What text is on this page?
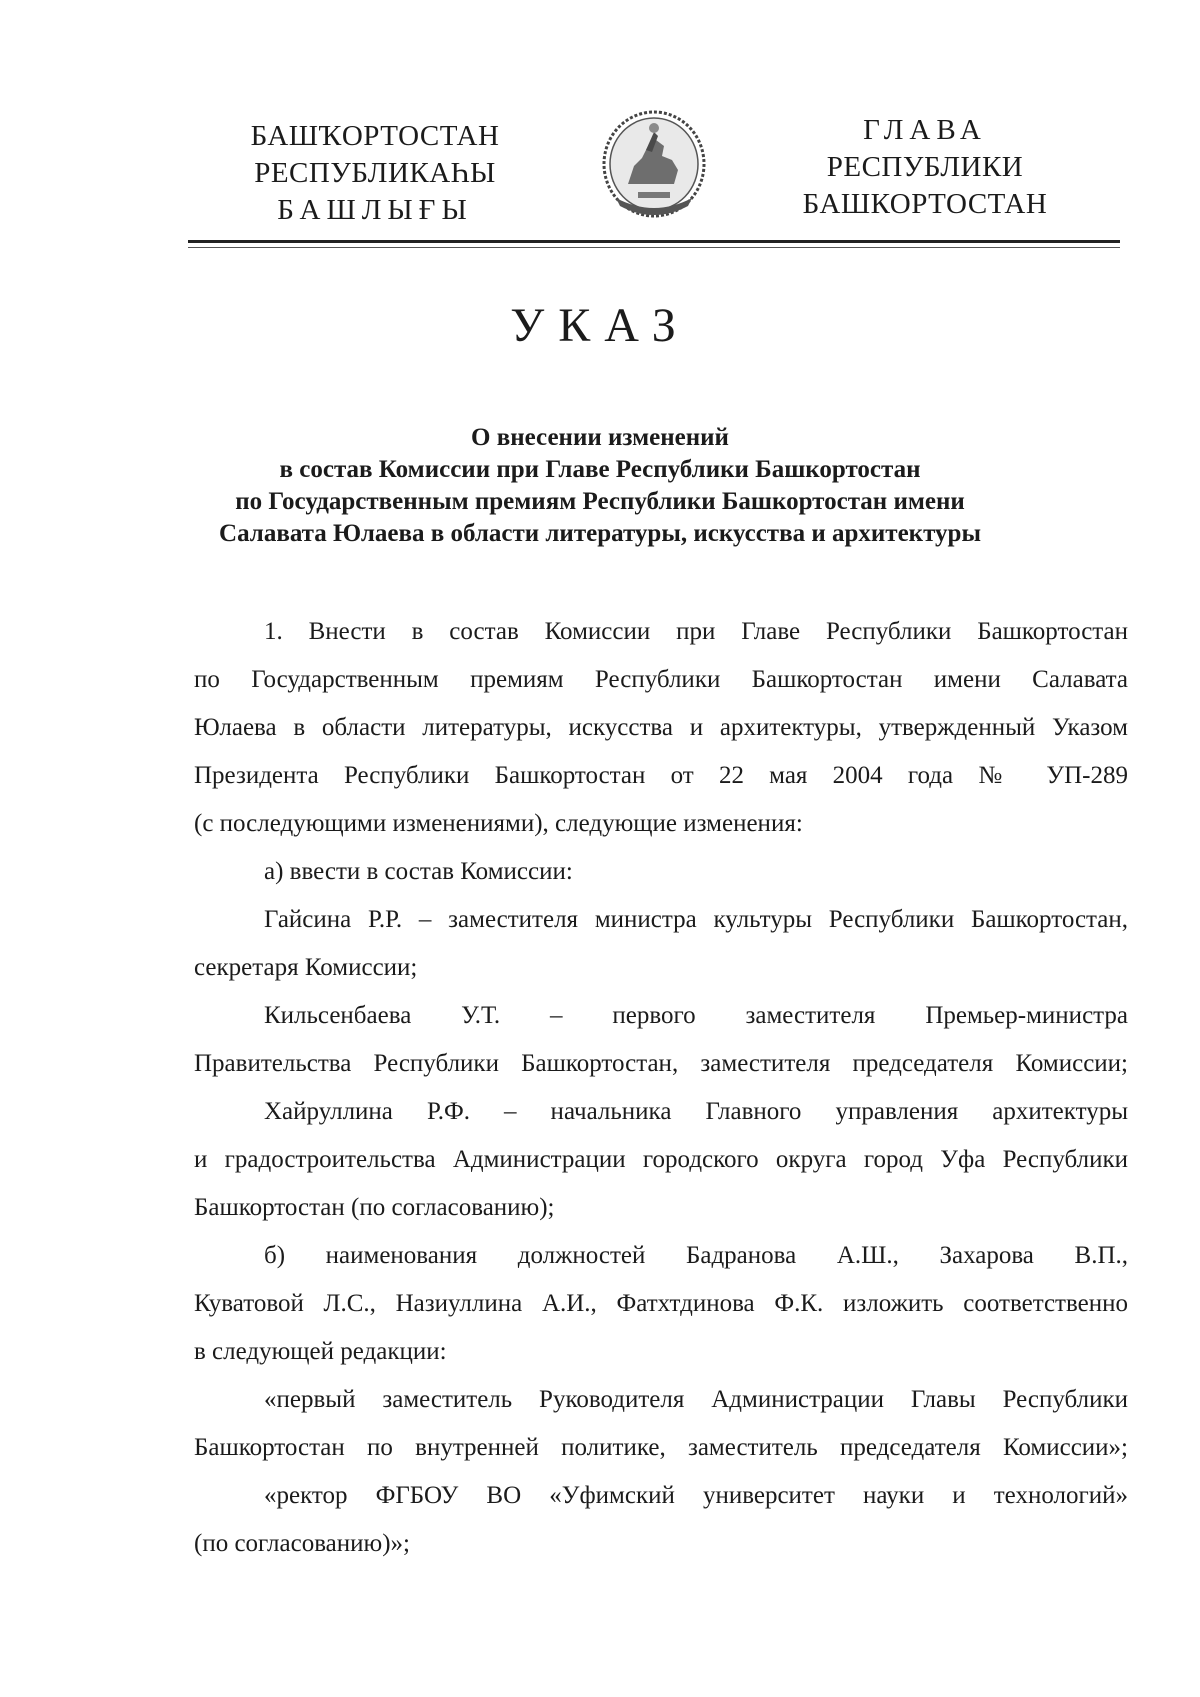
БАШҠОРТОСТАН
РЕСПУБЛИКАҺЫ
БАШЛЫҒЫ
ГЛАВА
РЕСПУБЛИКИ
БАШКОРТОСТАН
УКАЗ
О внесении изменений
в состав Комиссии при Главе Республики Башкортостан
по Государственным премиям Республики Башкортостан имени
Салавата Юлаева в области литературы, искусства и архитектуры
1. Внести в состав Комиссии при Главе Республики Башкортостан
по Государственным премиям Республики Башкортостан имени Салавата
Юлаева в области литературы, искусства и архитектуры, утвержденный Указом
Президента Республики Башкортостан от 22 мая 2004 года № УП-289
(с последующими изменениями), следующие изменения:
а) ввести в состав Комиссии:
Гайсина Р.Р. – заместителя министра культуры Республики Башкортостан,
секретаря Комиссии;
Кильсенбаева У.Т. – первого заместителя Премьер-министра
Правительства Республики Башкортостан, заместителя председателя Комиссии;
Хайруллина Р.Ф. – начальника Главного управления архитектуры
и градостроительства Администрации городского округа город Уфа Республики
Башкортостан (по согласованию);
б) наименования должностей Бадранова А.Ш., Захарова В.П.,
Куватовой Л.С., Назиуллина А.И., Фатхтдинова Ф.К. изложить соответственно
в следующей редакции:
«первый заместитель Руководителя Администрации Главы Республики
Башкортостан по внутренней политике, заместитель председателя Комиссии»;
«ректор ФГБОУ ВО «Уфимский университет науки и технологий»
(по согласованию)»;
